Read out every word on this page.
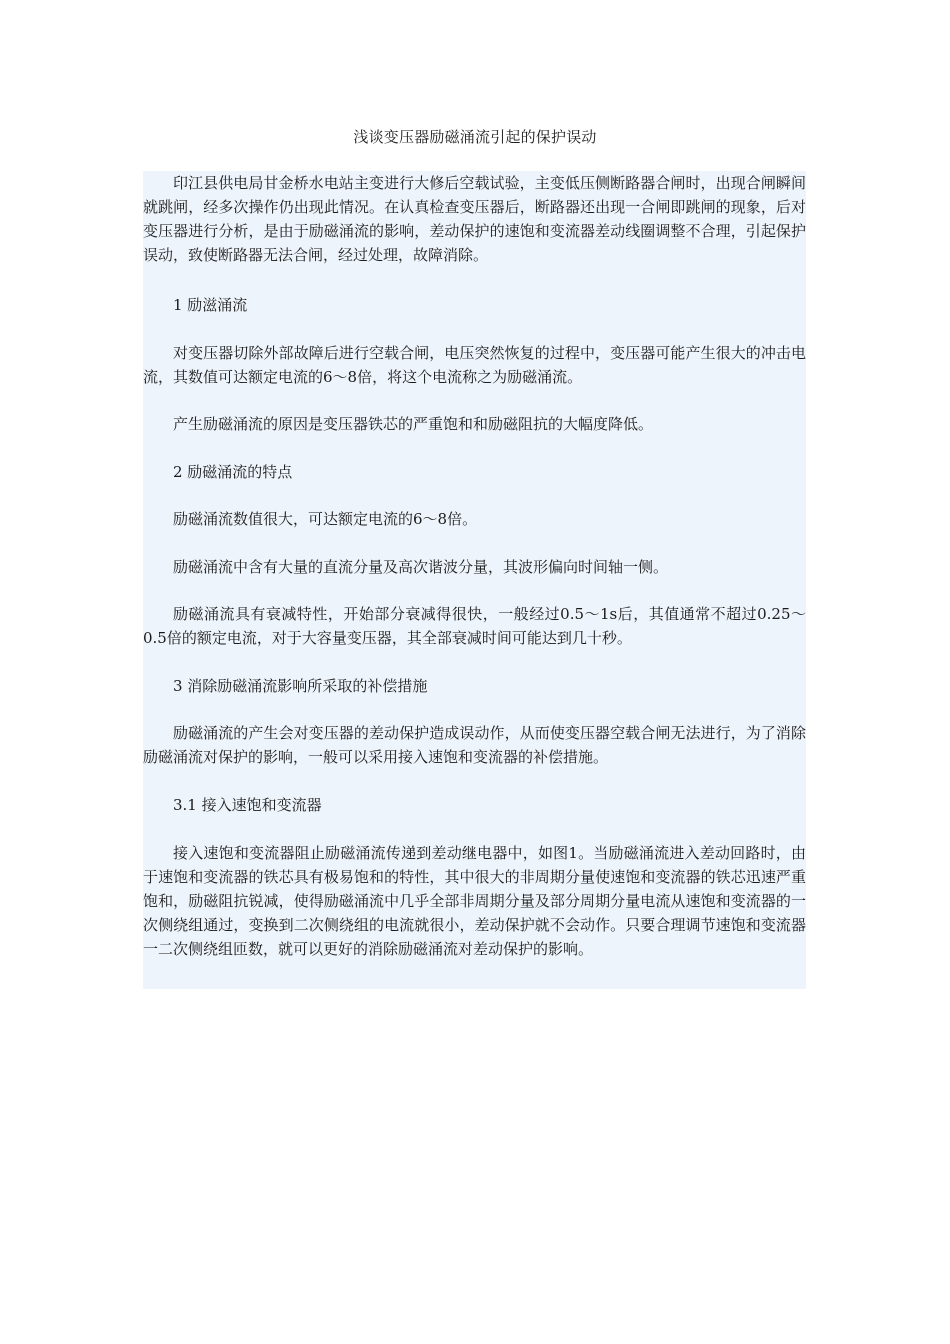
浅谈变压器励磁涌流引起的保护误动

印江县供电局甘金桥水电站主变进行大修后空载试验，主变低压侧断路器合闸时，出现合闸瞬间就跳闸，经多次操作仍出现此情况。在认真检查变压器后，断路器还出现一合闸即跳闸的现象，后对变压器进行分析，是由于励磁涌流的影响，差动保护的速饱和变流器差动线圈调整不合理，引起保护误动，致使断路器无法合闸，经过处理，故障消除。

1 励滋涌流

对变压器切除外部故障后进行空载合闸，电压突然恢复的过程中，变压器可能产生很大的冲击电流，其数值可达额定电流的6～8倍，将这个电流称之为励磁涌流。

产生励磁涌流的原因是变压器铁芯的严重饱和和励磁阻抗的大幅度降低。

2 励磁涌流的特点

励磁涌流数值很大，可达额定电流的6～8倍。

励磁涌流中含有大量的直流分量及高次谐波分量，其波形偏向时间轴一侧。

励磁涌流具有衰减特性，开始部分衰减得很快，一般经过0.5～1s后，其值通常不超过0.25～0.5倍的额定电流，对于大容量变压器，其全部衰减时间可能达到几十秒。

3 消除励磁涌流影响所采取的补偿措施

励磁涌流的产生会对变压器的差动保护造成误动作，从而使变压器空载合闸无法进行，为了消除励磁涌流对保护的影响，一般可以采用接入速饱和变流器的补偿措施。

3.1 接入速饱和变流器

接入速饱和变流器阻止励磁涌流传递到差动继电器中，如图1。当励磁涌流进入差动回路时，由于速饱和变流器的铁芯具有极易饱和的特性，其中很大的非周期分量使速饱和变流器的铁芯迅速严重饱和，励磁阻抗锐减，使得励磁涌流中几乎全部非周期分量及部分周期分量电流从速饱和变流器的一次侧绕组通过，变换到二次侧绕组的电流就很小，差动保护就不会动作。只要合理调节速饱和变流器一二次侧绕组匝数，就可以更好的消除励磁涌流对差动保护的影响。
